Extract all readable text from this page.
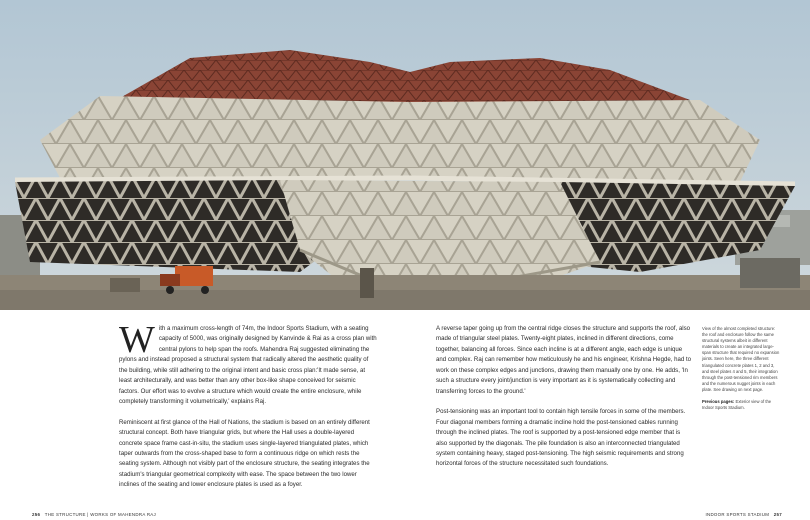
W ith a maximum cross-length of 74m, the Indoor Sports Stadium, with a seating capacity of 5000, was originally designed by Kanvinde & Rai as a cross plan with central pylons to help span the roofs. Mahendra Raj suggested eliminating the pylons and instead proposed a structural system that radically altered the aesthetic quality of the building, while still adhering to the original intent and basic cross plan:'It made sense, at least architecturally, and was better than any other box-like shape conceived for seismic factors. Our effort was to evolve a structure which would create the entire enclosure, while completely transforming it volumetrically,' explains Raj.

Reminiscent at first glance of the Hall of Nations, the stadium is based on an entirely different structural concept. Both have triangular grids, but where the Hall uses a double-layered concrete space frame cast-in-situ, the stadium uses single-layered triangulated plates, which taper outwards from the cross-shaped base to form a continuous ridge on which rests the seating system. Although not visibly part of the enclosure structure, the seating integrates the stadium's triangular geometrical complexity with ease. The space between the two lower inclines of the seating and lower enclosure plates is used as a foyer.

A reverse taper going up from the central ridge closes the structure and supports the roof, also made of triangular steel plates. Twenty-eight plates, inclined in different directions, come together, balancing all forces. Since each incline is at a different angle, each edge is unique and complex. Raj can remember how meticulously he and his engineer, Krishna Hegde, had to work on these complex edges and junctions, drawing them manually one by one. He adds, 'In such a structure every joint/junction is very important as it is systematically collecting and transferring forces to the ground.'

Post-tensioning was an important tool to contain high tensile forces in some of the members. Four diagonal members forming a dramatic incline hold the post-tensioned cables running through the inclined plates. The roof is supported by a post-tensioned edge member that is also supported by the diagonals. The pile foundation is also an interconnected triangulated system containing heavy, staged post-tensioning. The high seismic requirements and strong horizontal forces of the structure necessitated such foundations.

View of the almost completed structure: the roof and enclosure follow the same structural systems albeit in different materials to create an integrated large-span structure that required no expansion joints. Seen here, the three different triangulated concrete plates 1, 2 and 3, and steel plates 4 and 5, their integration through the post-tensioned rim members and the numerous nugget joints in each plate. See drawing on next page.

Previous pages: Exterior view of the Indoor Sports Stadium.

256 THE STRUCTURE | WORKS OF MAHENDRA RAJ	INDOOR SPORTS STADIUM 257
